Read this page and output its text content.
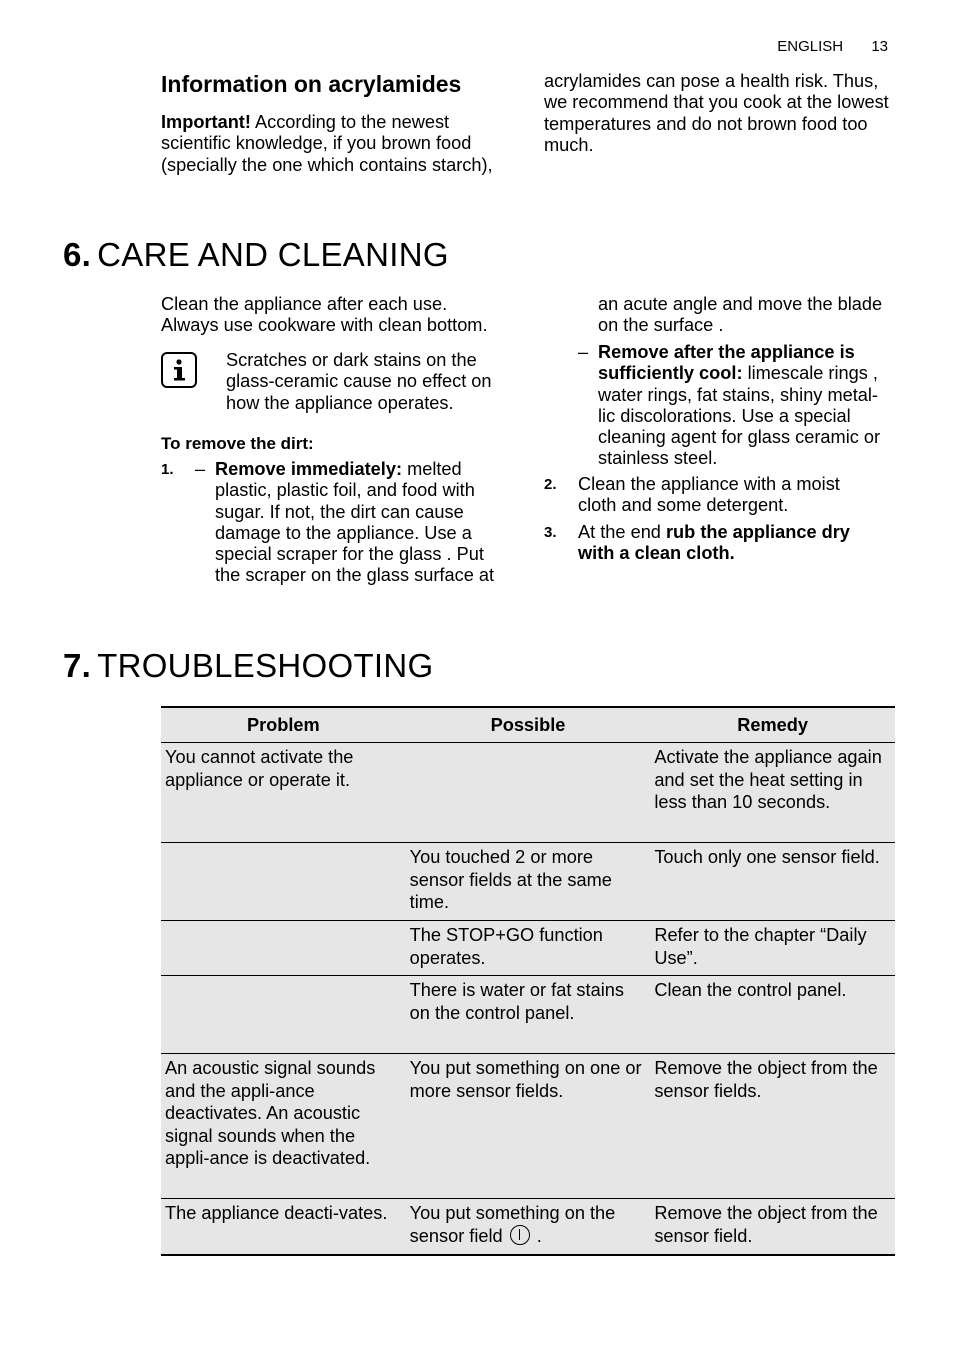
ENGLISH 13
Information on acrylamides
Important! According to the newest scientific knowledge, if you brown food (specially the one which contains starch),
acrylamides can pose a health risk. Thus, we recommend that you cook at the lowest temperatures and do not brown food too much.
6. CARE AND CLEANING
Clean the appliance after each use.
Always use cookware with clean bottom.
Scratches or dark stains on the glass-ceramic cause no effect on how the appliance operates.
To remove the dirt:
1. – Remove immediately: melted plastic, plastic foil, and food with sugar. If not, the dirt can cause damage to the appliance. Use a special scraper for the glass . Put the scraper on the glass surface at
an acute angle and move the blade on the surface .
– Remove after the appliance is sufficiently cool: limescale rings , water rings, fat stains, shiny metal-lic discolorations. Use a special cleaning agent for glass ceramic or stainless steel.
2. Clean the appliance with a moist cloth and some detergent.
3. At the end rub the appliance dry with a clean cloth.
7. TROUBLESHOOTING
Problem	Possible	Remedy
You cannot activate the appliance or operate it.		Activate the appliance again and set the heat setting in less than 10 seconds.
	You touched 2 or more sensor fields at the same time.	Touch only one sensor field.
	The STOP+GO function operates.	Refer to the chapter “Daily Use”.
	There is water or fat stains on the control panel.	Clean the control panel.
An acoustic signal sounds and the appli-ance deactivates. An acoustic signal sounds when the appli-ance is deactivated.	You put something on one or more sensor fields.	Remove the object from the sensor fields.
The appliance deacti-vates.	You put something on the sensor field  .	Remove the object from the sensor field.
